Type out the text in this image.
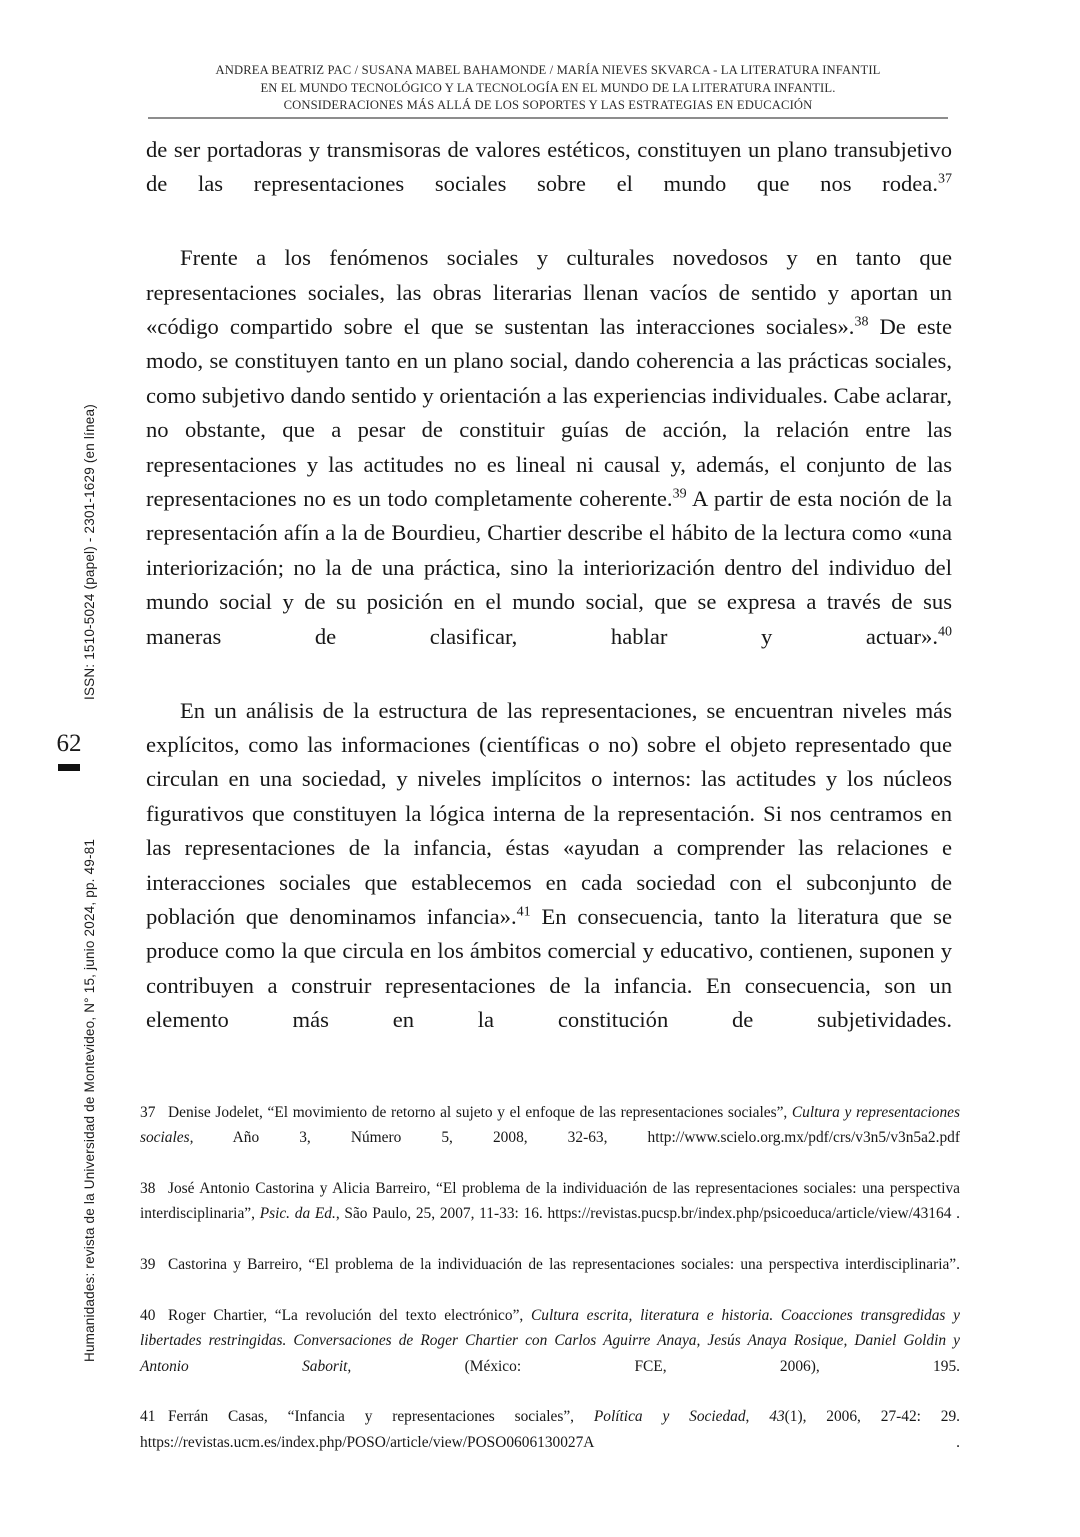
ANDREA BEATRIZ PAC / SUSANA MABEL BAHAMONDE / MARÍA NIEVES SKVARCA - LA LITERATURA INFANTIL
EN EL MUNDO TECNOLÓGICO Y LA TECNOLOGÍA EN EL MUNDO DE LA LITERATURA INFANTIL.
CONSIDERACIONES MÁS ALLÁ DE LOS SOPORTES Y LAS ESTRATEGIAS EN EDUCACIÓN
ISSN: 1510-5024 (papel) - 2301-1629 (en línea)
Humanidades: revista de la Universidad de Montevideo, N° 15, junio 2024, pp. 49-81
62

de ser portadoras y transmisoras de valores estéticos, constituyen un plano transubjetivo de las representaciones sociales sobre el mundo que nos rodea.$^{37}$

Frente a los fenómenos sociales y culturales novedosos y en tanto que representaciones sociales, las obras literarias llenan vacíos de sentido y aportan un «código compartido sobre el que se sustentan las interacciones sociales».$^{38}$ De este modo, se constituyen tanto en un plano social, dando coherencia a las prácticas sociales, como subjetivo dando sentido y orientación a las experiencias individuales. Cabe aclarar, no obstante, que a pesar de constituir guías de acción, la relación entre las representaciones y las actitudes no es lineal ni causal y, además, el conjunto de las representaciones no es un todo completamente coherente.$^{39}$ A partir de esta noción de la representación afín a la de Bourdieu, Chartier describe el hábito de la lectura como «una interiorización; no la de una práctica, sino la interiorización dentro del individuo del mundo social y de su posición en el mundo social, que se expresa a través de sus maneras de clasificar, hablar y actuar».$^{40}$

En un análisis de la estructura de las representaciones, se encuentran niveles más explícitos, como las informaciones (científicas o no) sobre el objeto representado que circulan en una sociedad, y niveles implícitos o internos: las actitudes y los núcleos figurativos que constituyen la lógica interna de la representación. Si nos centramos en las representaciones de la infancia, éstas «ayudan a comprender las relaciones e interacciones sociales que establecemos en cada sociedad con el subconjunto de población que denominamos infancia».$^{41}$ En consecuencia, tanto la literatura que se produce como la que circula en los ámbitos comercial y educativo, contienen, suponen y contribuyen a construir representaciones de la infancia. En consecuencia, son un elemento más en la constitución de subjetividades.

37 Denise Jodelet, “El movimiento de retorno al sujeto y el enfoque de las representaciones sociales”, Cultura y representaciones sociales, Año 3, Número 5, 2008, 32-63, http://www.scielo.org.mx/pdf/crs/v3n5/v3n5a2.pdf

38 José Antonio Castorina y Alicia Barreiro, “El problema de la individuación de las representaciones sociales: una perspectiva interdisciplinaria”, Psic. da Ed., São Paulo, 25, 2007, 11-33: 16. https://revistas.pucsp.br/index.php/psicoeduca/article/view/43164 .

39 Castorina y Barreiro, “El problema de la individuación de las representaciones sociales: una perspectiva interdisciplinaria”.

40 Roger Chartier, “La revolución del texto electrónico”, Cultura escrita, literatura e historia. Coacciones transgredidas y libertades restringidas. Conversaciones de Roger Chartier con Carlos Aguirre Anaya, Jesús Anaya Rosique, Daniel Goldin y Antonio Saborit, (México: FCE, 2006), 195.

41 Ferrán Casas, “Infancia y representaciones sociales”, Política y Sociedad, 43(1), 2006, 27-42: 29. https://revistas.ucm.es/index.php/POSO/article/view/POSO0606130027A .
